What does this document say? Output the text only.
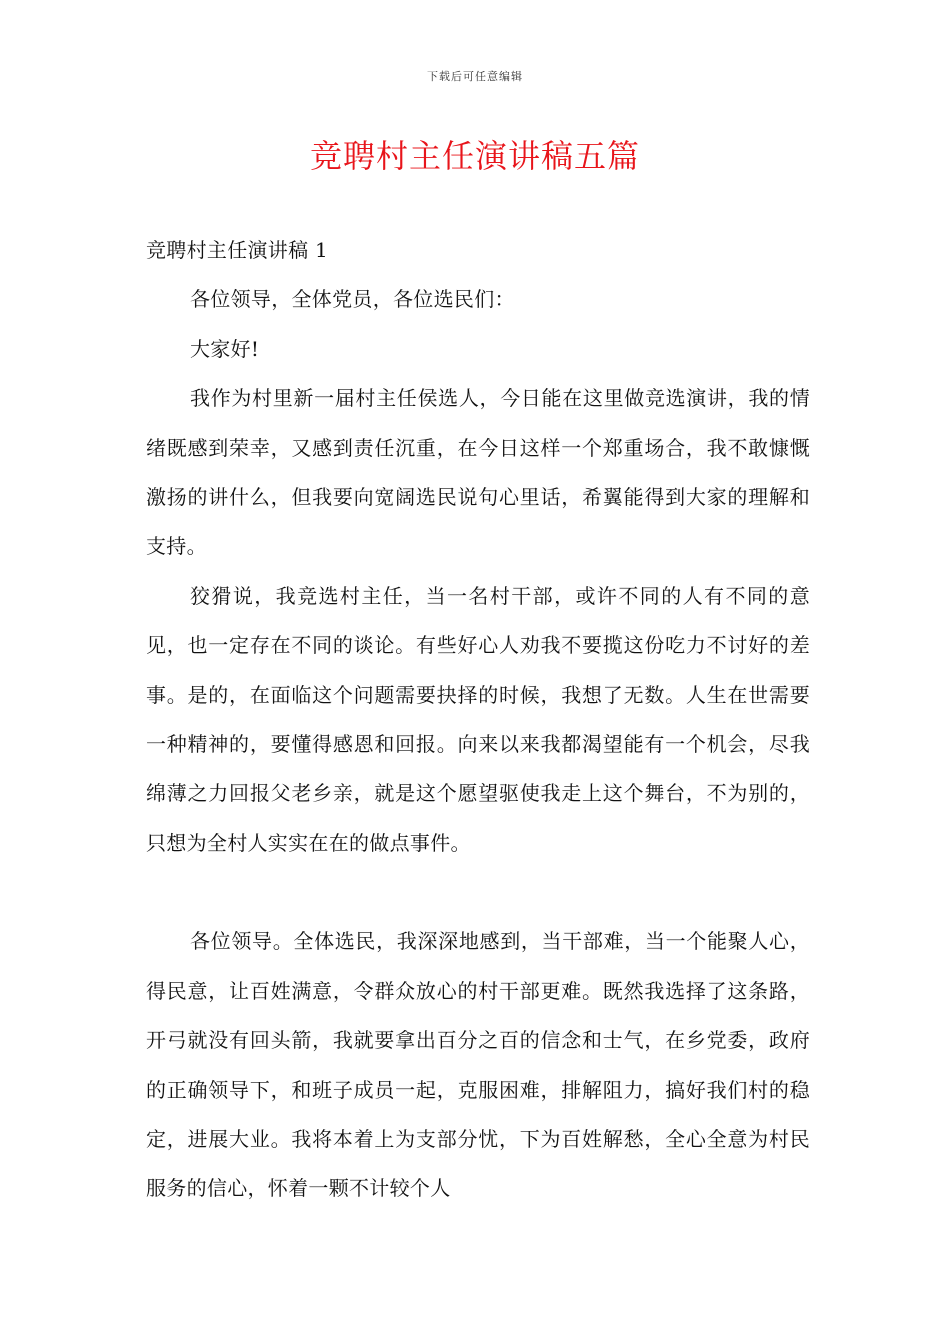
下载后可任意编辑
竞聘村主任演讲稿五篇

竞聘村主任演讲稿 1

各位领导，全体党员，各位选民们：

大家好!

我作为村里新一届村主任侯选人，今日能在这里做竞选演讲，我的情绪既感到荣幸，又感到责任沉重，在今日这样一个郑重场合，我不敢慷慨激扬的讲什么，但我要向宽阔选民说句心里话，希翼能得到大家的理解和支持。

狡猾说，我竞选村主任，当一名村干部，或许不同的人有不同的意见，也一定存在不同的谈论。有些好心人劝我不要揽这份吃力不讨好的差事。是的，在面临这个问题需要抉择的时候，我想了无数。人生在世需要一种精神的，要懂得感恩和回报。向来以来我都渴望能有一个机会，尽我绵薄之力回报父老乡亲，就是这个愿望驱使我走上这个舞台，不为别的，只想为全村人实实在在的做点事件。

各位领导。全体选民，我深深地感到，当干部难，当一个能聚人心，得民意，让百姓满意，令群众放心的村干部更难。既然我选择了这条路，开弓就没有回头箭，我就要拿出百分之百的信念和士气，在乡党委，政府的正确领导下，和班子成员一起，克服困难，排解阻力，搞好我们村的稳定，进展大业。我将本着上为支部分忧，下为百姓解愁，全心全意为村民服务的信心，怀着一颗不计较个人
